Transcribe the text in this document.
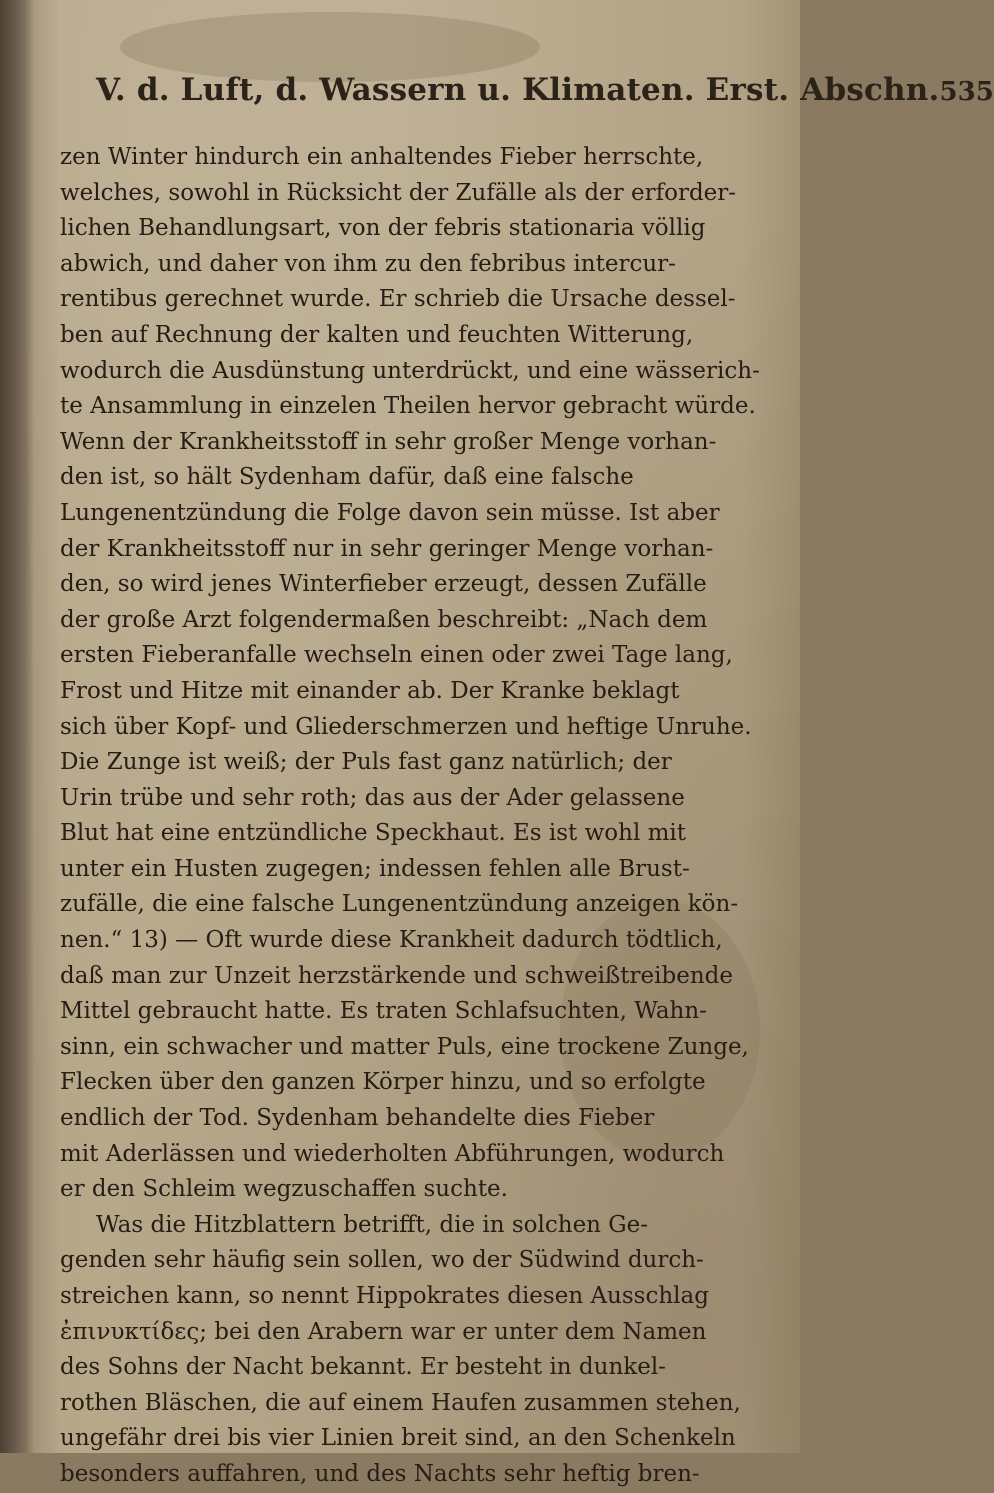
V. d. Luft, d. Wassern u. Klimaten. Erst. Abschn. 535
zen Winter hindurch ein anhaltendes Fieber herrschte,
welches, sowohl in Rücksicht der Zufälle als der erforder-
lichen Behandlungsart, von der febris stationaria völlig
abwich, und daher von ihm zu den febribus intercur-
rentibus gerechnet wurde. Er schrieb die Ursache dessel-
ben auf Rechnung der kalten und feuchten Witterung,
wodurch die Ausdünstung unterdrückt, und eine wässerich-
te Ansammlung in einzelen Theilen hervor gebracht würde.
Wenn der Krankheitsstoff in sehr großer Menge vorhan-
den ist, so hält Sydenham dafür, daß eine falsche
Lungenentzündung die Folge davon sein müsse. Ist aber
der Krankheitsstoff nur in sehr geringer Menge vorhan-
den, so wird jenes Winterfieber erzeugt, dessen Zufälle
der große Arzt folgendermaßen beschreibt: „Nach dem
ersten Fieberanfalle wechseln einen oder zwei Tage lang,
Frost und Hitze mit einander ab. Der Kranke beklagt
sich über Kopf- und Gliederschmerzen und heftige Unruhe.
Die Zunge ist weiß; der Puls fast ganz natürlich; der
Urin trübe und sehr roth; das aus der Ader gelassene
Blut hat eine entzündliche Speckhaut. Es ist wohl mit
unter ein Husten zugegen; indessen fehlen alle Brust-
zufälle, die eine falsche Lungenentzündung anzeigen kön-
nen.“ 13) — Oft wurde diese Krankheit dadurch tödtlich,
daß man zur Unzeit herzstärkende und schweißtreibende
Mittel gebraucht hatte. Es traten Schlafsuchten, Wahn-
sinn, ein schwacher und matter Puls, eine trockene Zunge,
Flecken über den ganzen Körper hinzu, und so erfolgte
endlich der Tod. Sydenham behandelte dies Fieber
mit Aderlässen und wiederholten Abführungen, wodurch
er den Schleim wegzuschaffen suchte.
Was die Hitzblattern betrifft, die in solchen Ge-
genden sehr häufig sein sollen, wo der Südwind durch-
streichen kann, so nennt Hippokrates diesen Ausschlag
ἐπινυκτίδες; bei den Arabern war er unter dem Namen
des Sohns der Nacht bekannt. Er besteht in dunkel-
rothen Bläschen, die auf einem Haufen zusammen stehen,
ungefähr drei bis vier Linien breit sind, an den Schenkeln
besonders auffahren, und des Nachts sehr heftig bren-
